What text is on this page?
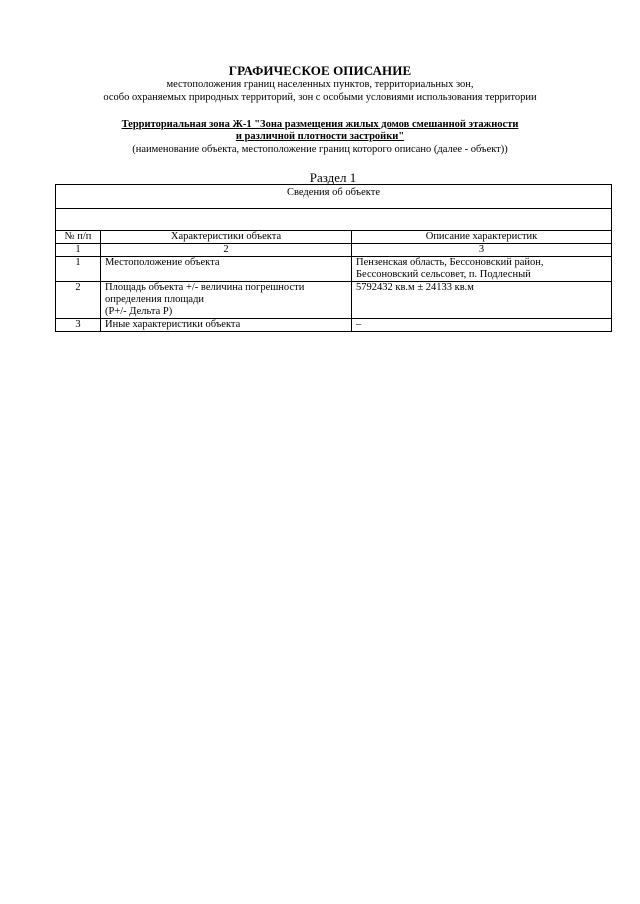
ГРАФИЧЕСКОЕ ОПИСАНИЕ
местоположения границ населенных пунктов, территориальных зон,
особо охраняемых природных территорий, зон с особыми условиями использования территории
Территориальная зона Ж-1 "Зона размещения жилых домов смешанной этажности
и различной плотности застройки"
(наименование объекта, местоположение границ которого описано (далее - объект))
Раздел 1
Сведения об объекте		

№ п/п	Характеристики объекта	Описание характеристик
1	2	3
1	Местоположение объекта	Пензенская область, Бессоновский район,
Бессоновский сельсовет, п. Подлесный

2	Площадь объекта +/- величина погрешности
определения площади
(P+/- Дельта P)	5792432 кв.м ± 24133 кв.м

3	Иные характеристики объекта	–
